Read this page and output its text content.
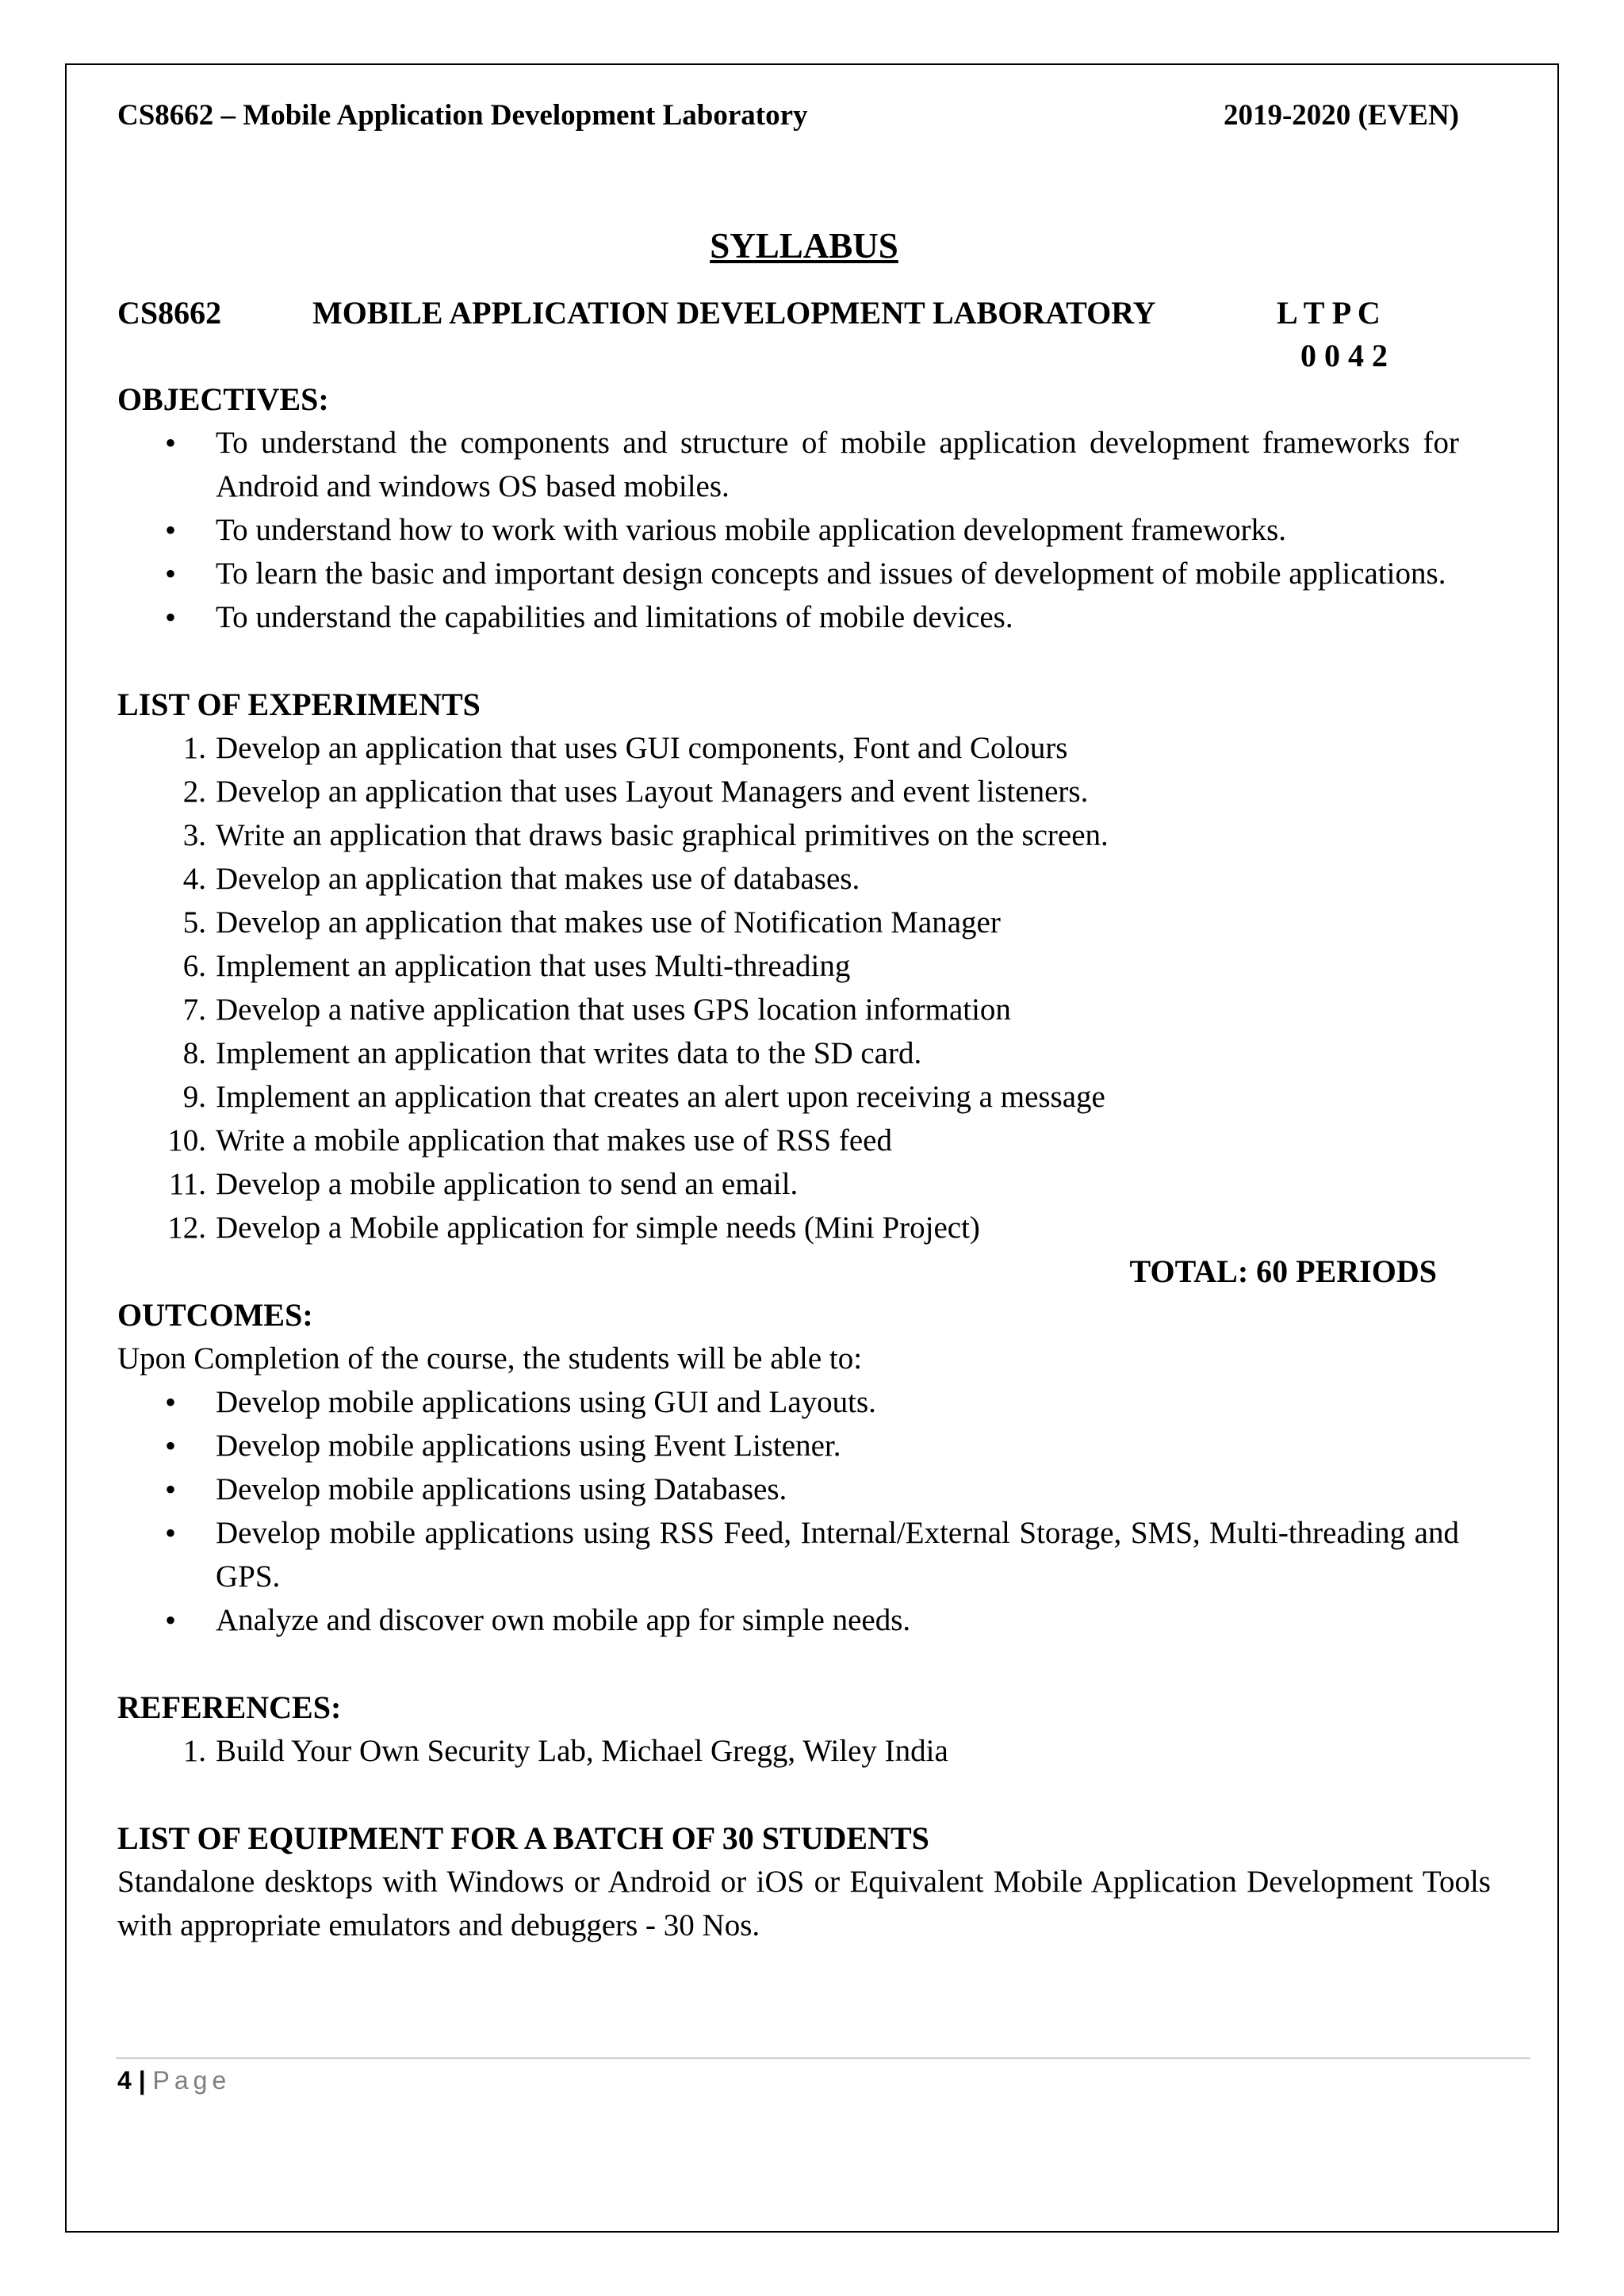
CS8662 – Mobile Application Development Laboratory	2019-2020 (EVEN)
SYLLABUS
CS8662	MOBILE APPLICATION DEVELOPMENT LABORATORY	L T P C
0 0 4 2
OBJECTIVES:
• To understand the components and structure of mobile application development frameworks for Android and windows OS based mobiles.
• To understand how to work with various mobile application development frameworks.
• To learn the basic and important design concepts and issues of development of mobile applications.
• To understand the capabilities and limitations of mobile devices.
LIST OF EXPERIMENTS
1. Develop an application that uses GUI components, Font and Colours
2. Develop an application that uses Layout Managers and event listeners.
3. Write an application that draws basic graphical primitives on the screen.
4. Develop an application that makes use of databases.
5. Develop an application that makes use of Notification Manager
6. Implement an application that uses Multi-threading
7. Develop a native application that uses GPS location information
8. Implement an application that writes data to the SD card.
9. Implement an application that creates an alert upon receiving a message
10. Write a mobile application that makes use of RSS feed
11. Develop a mobile application to send an email.
12. Develop a Mobile application for simple needs (Mini Project)
TOTAL: 60 PERIODS
OUTCOMES:
Upon Completion of the course, the students will be able to:
• Develop mobile applications using GUI and Layouts.
• Develop mobile applications using Event Listener.
• Develop mobile applications using Databases.
• Develop mobile applications using RSS Feed, Internal/External Storage, SMS, Multi-threading and GPS.
• Analyze and discover own mobile app for simple needs.
REFERENCES:
1. Build Your Own Security Lab, Michael Gregg, Wiley India
LIST OF EQUIPMENT FOR A BATCH OF 30 STUDENTS
Standalone desktops with Windows or Android or iOS or Equivalent Mobile Application Development Tools with appropriate emulators and debuggers - 30 Nos.
4 | Page
